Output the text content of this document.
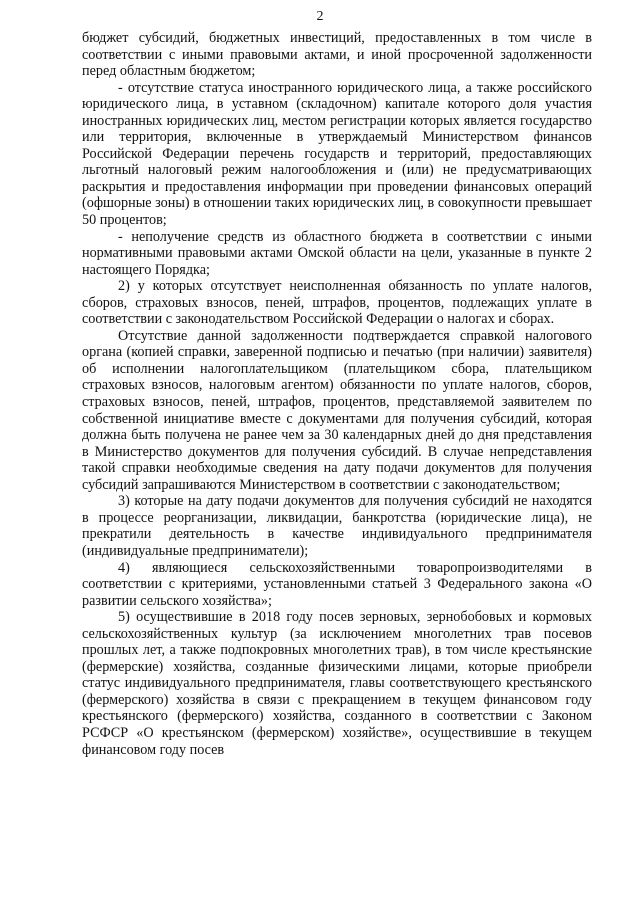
2

бюджет субсидий, бюджетных инвестиций, предоставленных в том числе в соответствии с иными правовыми актами, и иной просроченной задолженности перед областным бюджетом;

- отсутствие статуса иностранного юридического лица, а также российского юридического лица, в уставном (складочном) капитале которого доля участия иностранных юридических лиц, местом регистрации которых является государство или территория, включенные в утверждаемый Министерством финансов Российской Федерации перечень государств и территорий, предоставляющих льготный налоговый режим налогообложения и (или) не предусматривающих раскрытия и предоставления информации при проведении финансовых операций (офшорные зоны) в отношении таких юридических лиц, в совокупности превышает 50 процентов;

- неполучение средств из областного бюджета в соответствии с иными нормативными правовыми актами Омской области на цели, указанные в пункте 2 настоящего Порядка;

2) у которых отсутствует неисполненная обязанность по уплате налогов, сборов, страховых взносов, пеней, штрафов, процентов, подлежащих уплате в соответствии с законодательством Российской Федерации о налогах и сборах.

Отсутствие данной задолженности подтверждается справкой налогового органа (копией справки, заверенной подписью и печатью (при наличии) заявителя) об исполнении налогоплательщиком (плательщиком сбора, плательщиком страховых взносов, налоговым агентом) обязанности по уплате налогов, сборов, страховых взносов, пеней, штрафов, процентов, представляемой заявителем по собственной инициативе вместе с документами для получения субсидий, которая должна быть получена не ранее чем за 30 календарных дней до дня представления в Министерство документов для получения субсидий. В случае непредставления такой справки необходимые сведения на дату подачи документов для получения субсидий запрашиваются Министерством в соответствии с законодательством;

3) которые на дату подачи документов для получения субсидий не находятся в процессе реорганизации, ликвидации, банкротства (юридические лица), не прекратили деятельность в качестве индивидуального предпринимателя (индивидуальные предприниматели);

4) являющиеся сельскохозяйственными товаропроизводителями в соответствии с критериями, установленными статьей 3 Федерального закона «О развитии сельского хозяйства»;

5) осуществившие в 2018 году посев зерновых, зернобобовых и кормовых сельскохозяйственных культур (за исключением многолетних трав посевов прошлых лет, а также подпокровных многолетних трав), в том числе крестьянские (фермерские) хозяйства, созданные физическими лицами, которые приобрели статус индивидуального предпринимателя, главы соответствующего крестьянского (фермерского) хозяйства в связи с прекращением в текущем финансовом году крестьянского (фермерского) хозяйства, созданного в соответствии с Законом РСФСР «О крестьянском (фермерском) хозяйстве», осуществившие в текущем финансовом году посев
